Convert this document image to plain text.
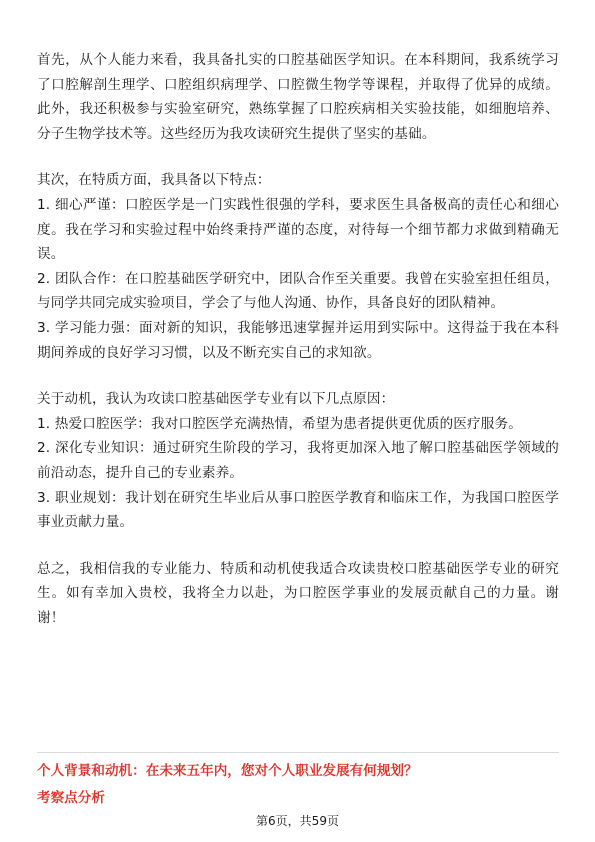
首先，从个人能力来看，我具备扎实的口腔基础医学知识。在本科期间，我系统学习了口腔解剖生理学、口腔组织病理学、口腔微生物学等课程，并取得了优异的成绩。此外，我还积极参与实验室研究，熟练掌握了口腔疾病相关实验技能，如细胞培养、分子生物学技术等。这些经历为我攻读研究生提供了坚实的基础。

其次，在特质方面，我具备以下特点：

1. 细心严谨：口腔医学是一门实践性很强的学科，要求医生具备极高的责任心和细心度。我在学习和实验过程中始终秉持严谨的态度，对待每一个细节都力求做到精确无误。

2. 团队合作：在口腔基础医学研究中，团队合作至关重要。我曾在实验室担任组员，与同学共同完成实验项目，学会了与他人沟通、协作，具备良好的团队精神。

3. 学习能力强：面对新的知识，我能够迅速掌握并运用到实际中。这得益于我在本科期间养成的良好学习习惯，以及不断充实自己的求知欲。

关于动机，我认为攻读口腔基础医学专业有以下几点原因：

1. 热爱口腔医学：我对口腔医学充满热情，希望为患者提供更优质的医疗服务。

2. 深化专业知识：通过研究生阶段的学习，我将更加深入地了解口腔基础医学领域的前沿动态，提升自己的专业素养。

3. 职业规划：我计划在研究生毕业后从事口腔医学教育和临床工作，为我国口腔医学事业贡献力量。

总之，我相信我的专业能力、特质和动机使我适合攻读贵校口腔基础医学专业的研究生。如有幸加入贵校，我将全力以赴，为口腔医学事业的发展贡献自己的力量。谢谢！

个人背景和动机：在未来五年内，您对个人职业发展有何规划？

考察点分析

第6页，共59页
